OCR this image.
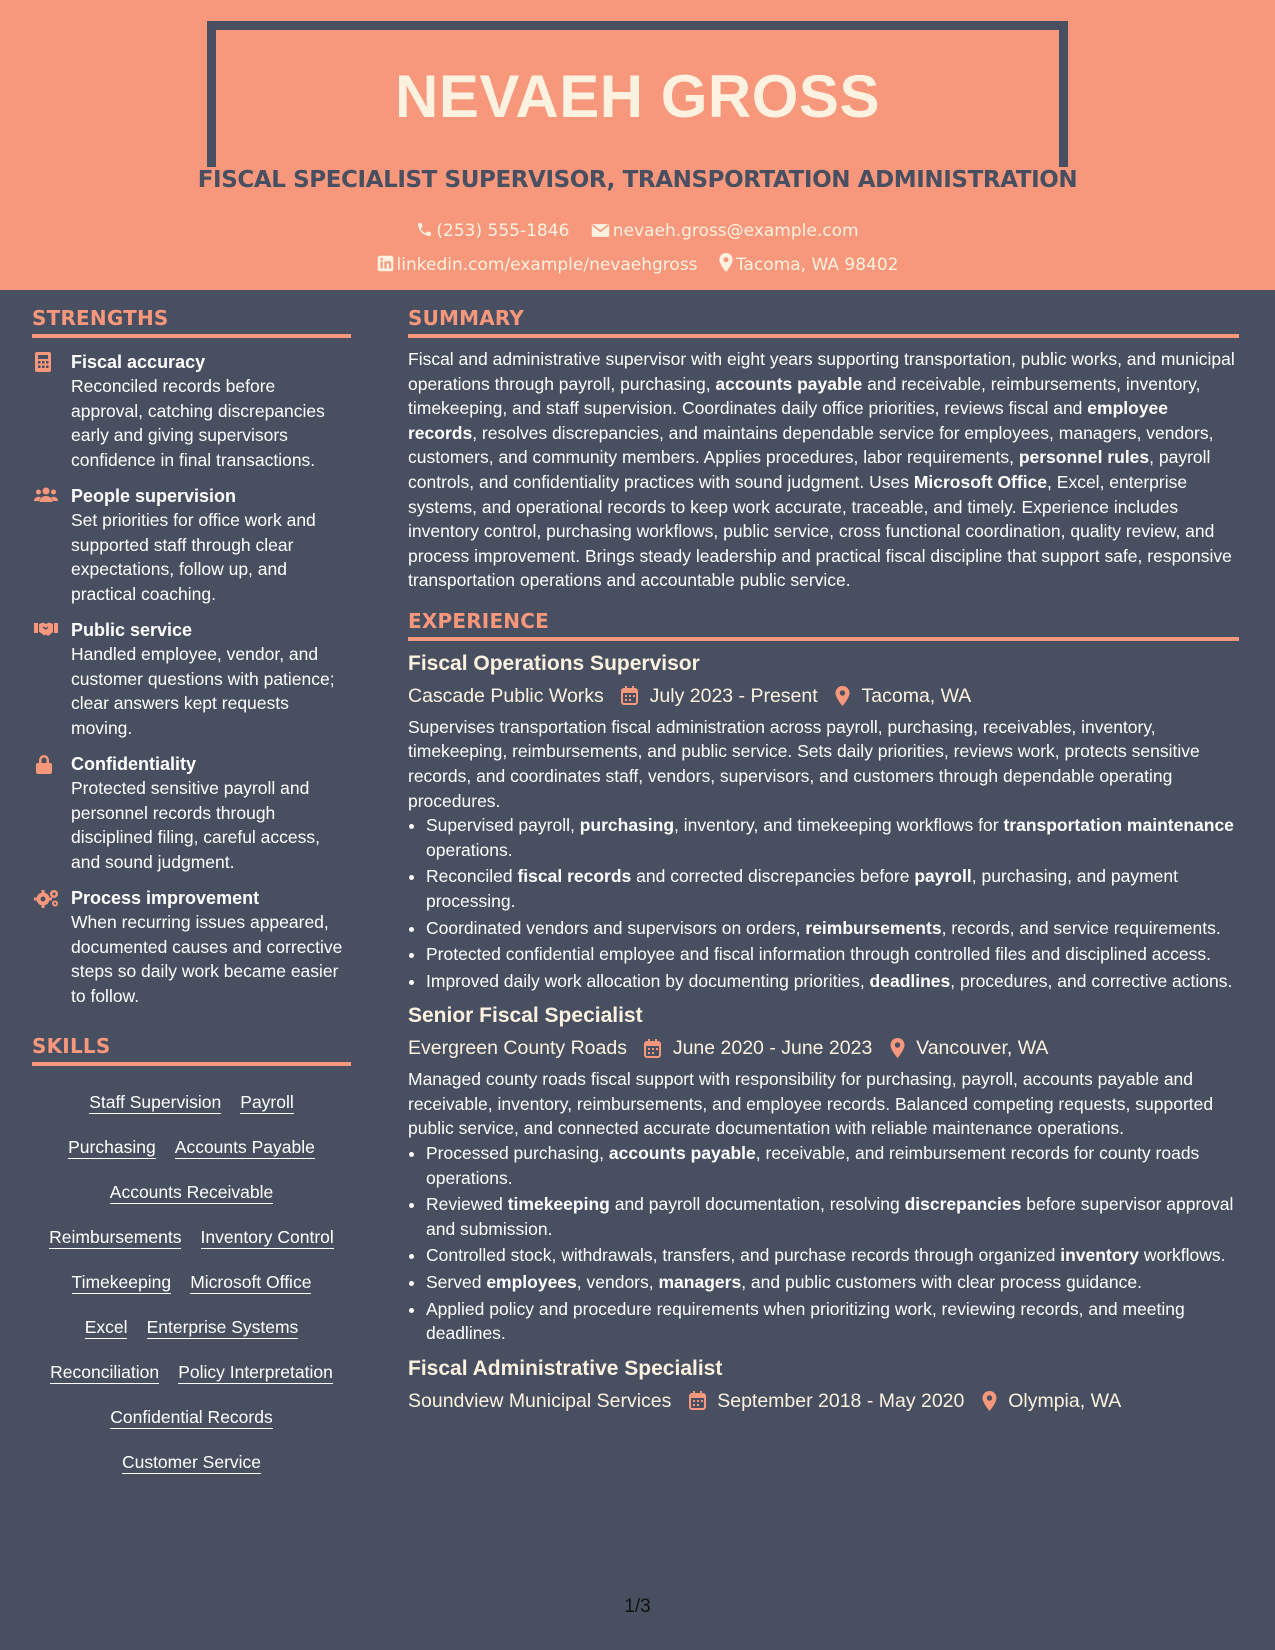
NEVAEH GROSS
FISCAL SPECIALIST SUPERVISOR, TRANSPORTATION ADMINISTRATION
(253) 555-1846	nevaeh.gross@example.com
linkedin.com/example/nevaehgross Tacoma, WA 98402
STRENGTHS
Fiscal accuracy
Reconciled records before approval, catching discrepancies early and giving supervisors confidence in final transactions.
People supervision
Set priorities for office work and supported staff through clear expectations, follow up, and practical coaching.
Public service
Handled employee, vendor, and customer questions with patience; clear answers kept requests moving.
Confidentiality
Protected sensitive payroll and personnel records through disciplined filing, careful access, and sound judgment.
Process improvement
When recurring issues appeared, documented causes and corrective steps so daily work became easier to follow.
SKILLS
Staff Supervision Payroll
Purchasing Accounts Payable
Accounts Receivable
Reimbursements Inventory Control
Timekeeping Microsoft Office
Excel Enterprise Systems
Reconciliation Policy Interpretation
Confidential Records
Customer Service
SUMMARY

Fiscal and administrative supervisor with eight years supporting transportation, public works, and municipal operations through payroll, purchasing, accounts payable and receivable, reimbursements, inventory, timekeeping, and staff supervision. Coordinates daily office priorities, reviews fiscal and employee records, resolves discrepancies, and maintains dependable service for employees, managers, vendors, customers, and community members. Applies procedures, labor requirements, personnel rules, payroll controls, and confidentiality practices with sound judgment. Uses Microsoft Office, Excel, enterprise systems, and operational records to keep work accurate, traceable, and timely. Experience includes inventory control, purchasing workflows, public service, cross functional coordination, quality review, and process improvement. Brings steady leadership and practical fiscal discipline that support safe, responsive transportation operations and accountable public service.

EXPERIENCE
Fiscal Operations Supervisor
Cascade Public Works July 2023 - Present Tacoma, WA

Supervises transportation fiscal administration across payroll, purchasing, receivables, inventory, timekeeping, reimbursements, and public service. Sets daily priorities, reviews work, protects sensitive records, and coordinates staff, vendors, supervisors, and customers through dependable operating procedures.

• Supervised payroll, purchasing, inventory, and timekeeping workflows for transportation maintenance operations.
• Reconciled fiscal records and corrected discrepancies before payroll, purchasing, and payment processing.
• Coordinated vendors and supervisors on orders, reimbursements, records, and service requirements.
• Protected confidential employee and fiscal information through controlled files and disciplined access.
• Improved daily work allocation by documenting priorities, deadlines, procedures, and corrective actions.
Senior Fiscal Specialist
Evergreen County Roads June 2020 - June 2023 Vancouver, WA

Managed county roads fiscal support with responsibility for purchasing, payroll, accounts payable and receivable, inventory, reimbursements, and employee records. Balanced competing requests, supported public service, and connected accurate documentation with reliable maintenance operations.

• Processed purchasing, accounts payable, receivable, and reimbursement records for county roads operations.
• Reviewed timekeeping and payroll documentation, resolving discrepancies before supervisor approval and submission.
• Controlled stock, withdrawals, transfers, and purchase records through organized inventory workflows.
• Served employees, vendors, managers, and public customers with clear process guidance.
• Applied policy and procedure requirements when prioritizing work, reviewing records, and meeting deadlines.
Fiscal Administrative Specialist
Soundview Municipal Services September 2018 - May 2020 Olympia, WA
1/3
